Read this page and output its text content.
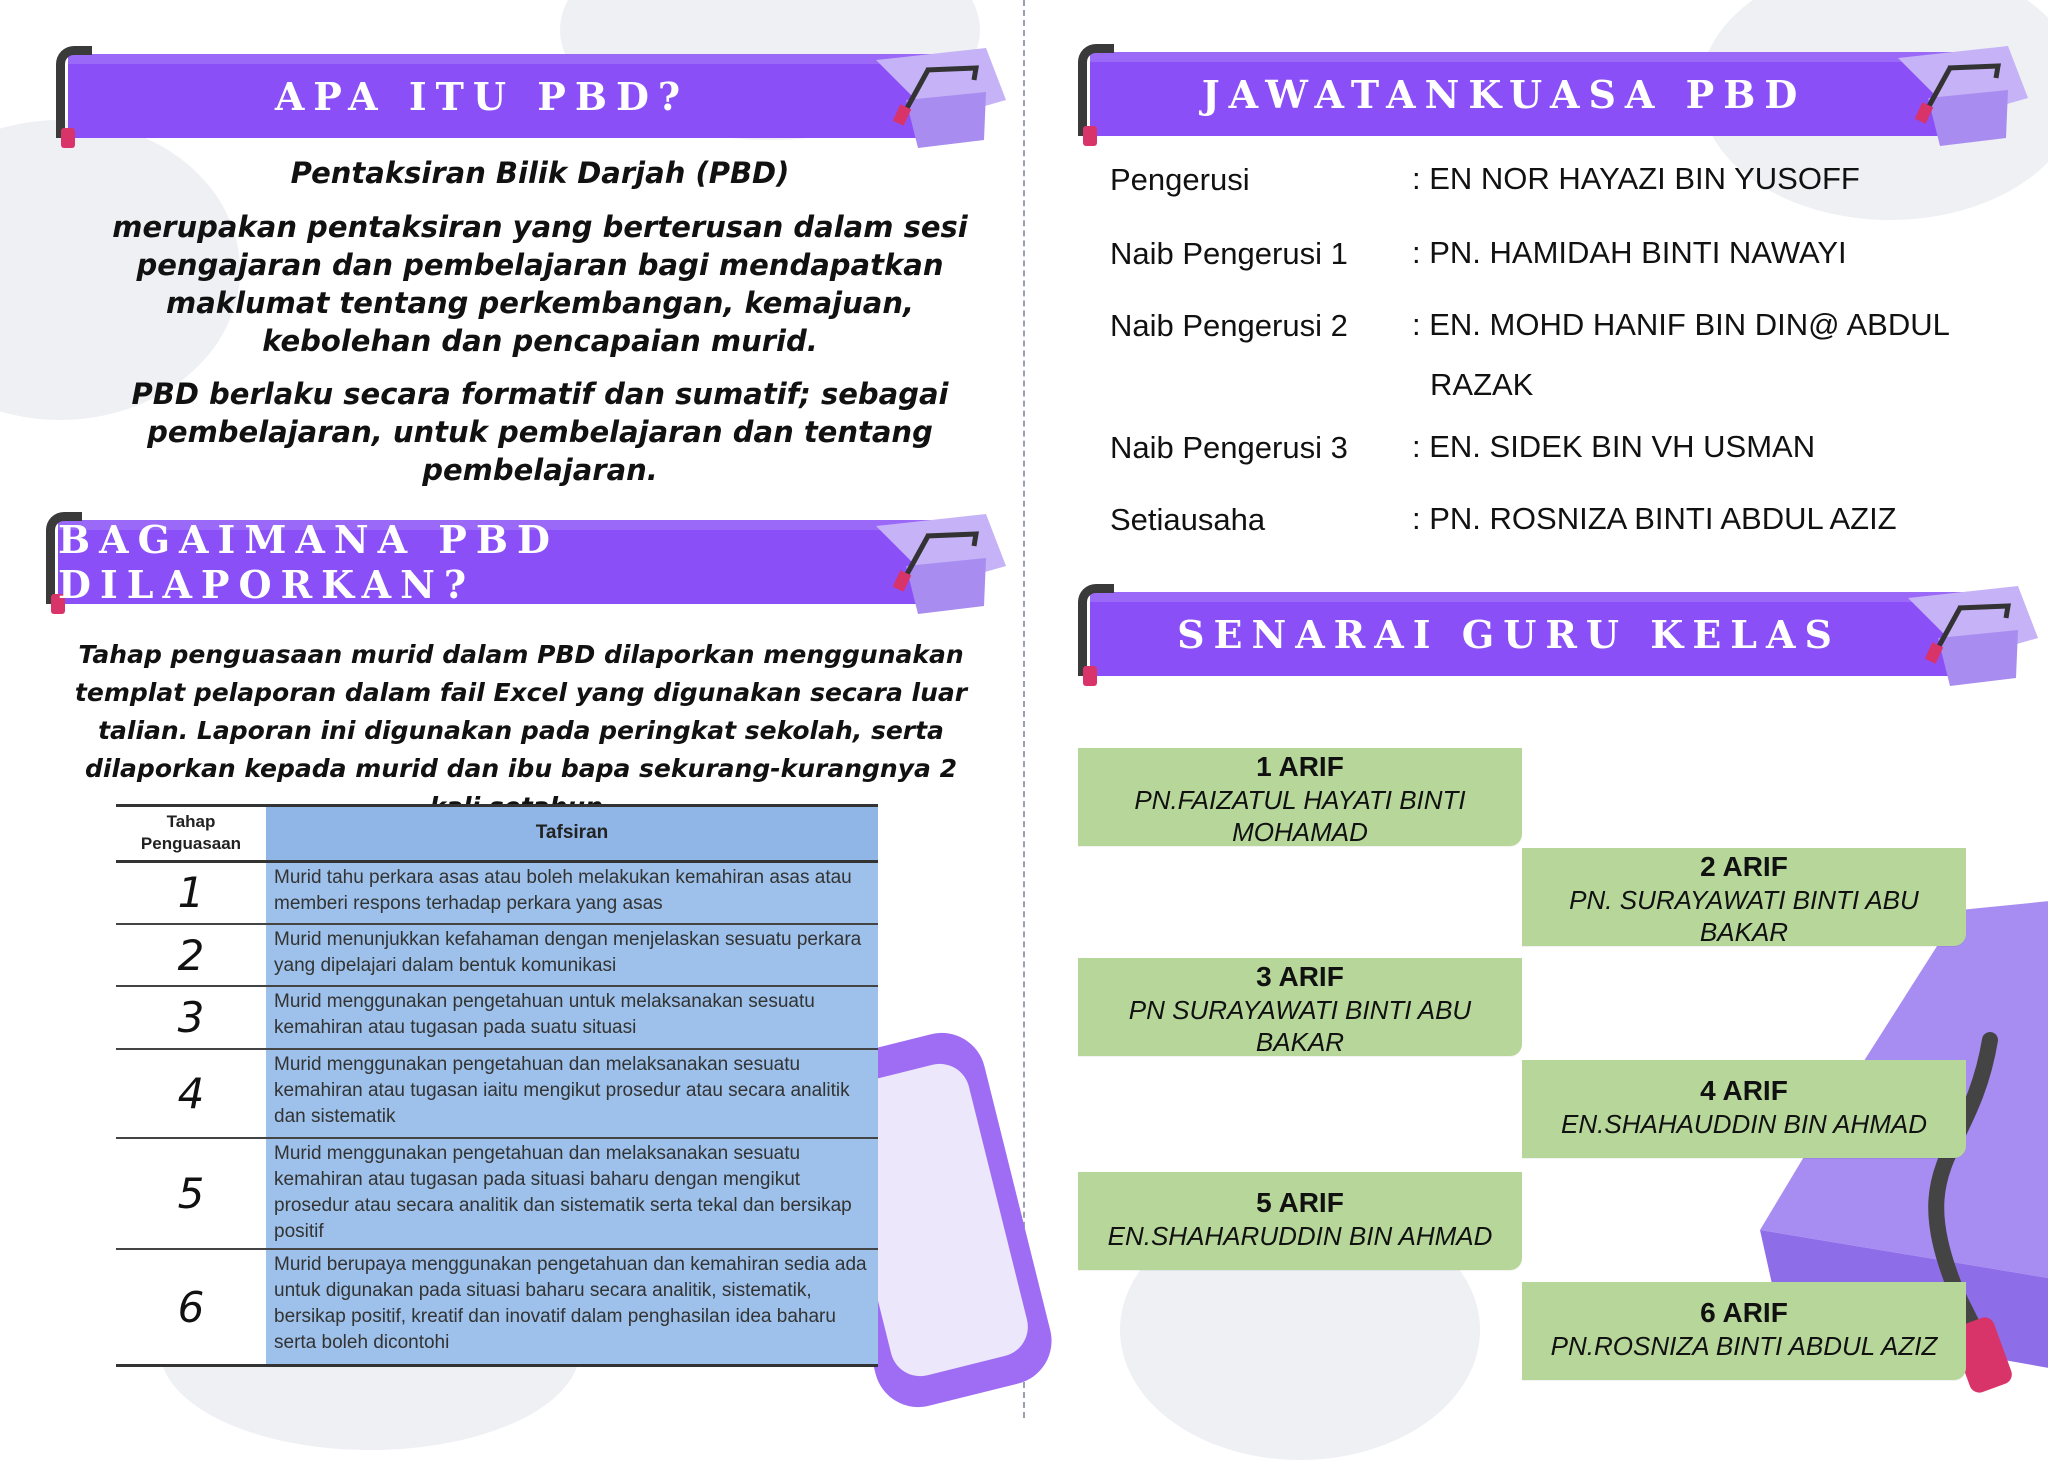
APA ITU PBD?
Pentaksiran Bilik Darjah (PBD)
merupakan pentaksiran yang berterusan dalam sesi pengajaran dan pembelajaran bagi mendapatkan maklumat tentang perkembangan, kemajuan, kebolehan dan pencapaian murid.
PBD berlaku secara formatif dan sumatif; sebagai pembelajaran, untuk pembelajaran dan tentang pembelajaran.
BAGAIMANA PBD DILAPORKAN?
Tahap penguasaan murid dalam PBD dilaporkan menggunakan templat pelaporan dalam fail Excel yang digunakan secara luar talian. Laporan ini digunakan pada peringkat sekolah, serta dilaporkan kepada murid dan ibu bapa sekurang-kurangnya 2
Tahap Penguasaan	Tafsiran
1	Murid tahu perkara asas atau boleh melakukan kemahiran asas atau memberi respons terhadap perkara yang asas
2	Murid menunjukkan kefahaman dengan menjelaskan sesuatu perkara yang dipelajari dalam bentuk komunikasi
3	Murid menggunakan pengetahuan untuk melaksanakan sesuatu kemahiran atau tugasan pada suatu situasi
4	Murid menggunakan pengetahuan dan melaksanakan sesuatu kemahiran atau tugasan iaitu mengikut prosedur atau secara analitik dan sistematik
5	Murid menggunakan pengetahuan dan melaksanakan sesuatu kemahiran atau tugasan pada situasi baharu dengan mengikut prosedur atau secara analitik dan sistematik serta tekal dan bersikap positif
6	Murid berupaya menggunakan pengetahuan dan kemahiran sedia ada untuk digunakan pada situasi baharu secara analitik, sistematik, bersikap positif, kreatif dan inovatif dalam penghasilan idea baharu serta boleh dicontohi
JAWATANKUASA PBD
Pengerusi	: EN NOR HAYAZI BIN YUSOFF
Naib Pengerusi 1 : PN. HAMIDAH BINTI NAWAYI
Naib Pengerusi 2 : EN. MOHD HANIF BIN DIN@ ABDUL
RAZAK
Naib Pengerusi 3 : EN. SIDEK BIN VH USMAN
Setiausaha	: PN. ROSNIZA BINTI ABDUL AZIZ
SENARAI GURU KELAS
1 ARIF
PN.FAIZATUL HAYATI BINTI MOHAMAD
2 ARIF
PN. SURAYAWATI BINTI ABU BAKAR
3 ARIF
PN SURAYAWATI BINTI ABU BAKAR
4 ARIF
EN.SHAHAUDDIN BIN AHMAD
5 ARIF
EN.SHAHARUDDIN BIN AHMAD
6 ARIF
PN.ROSNIZA BINTI ABDUL AZIZ
